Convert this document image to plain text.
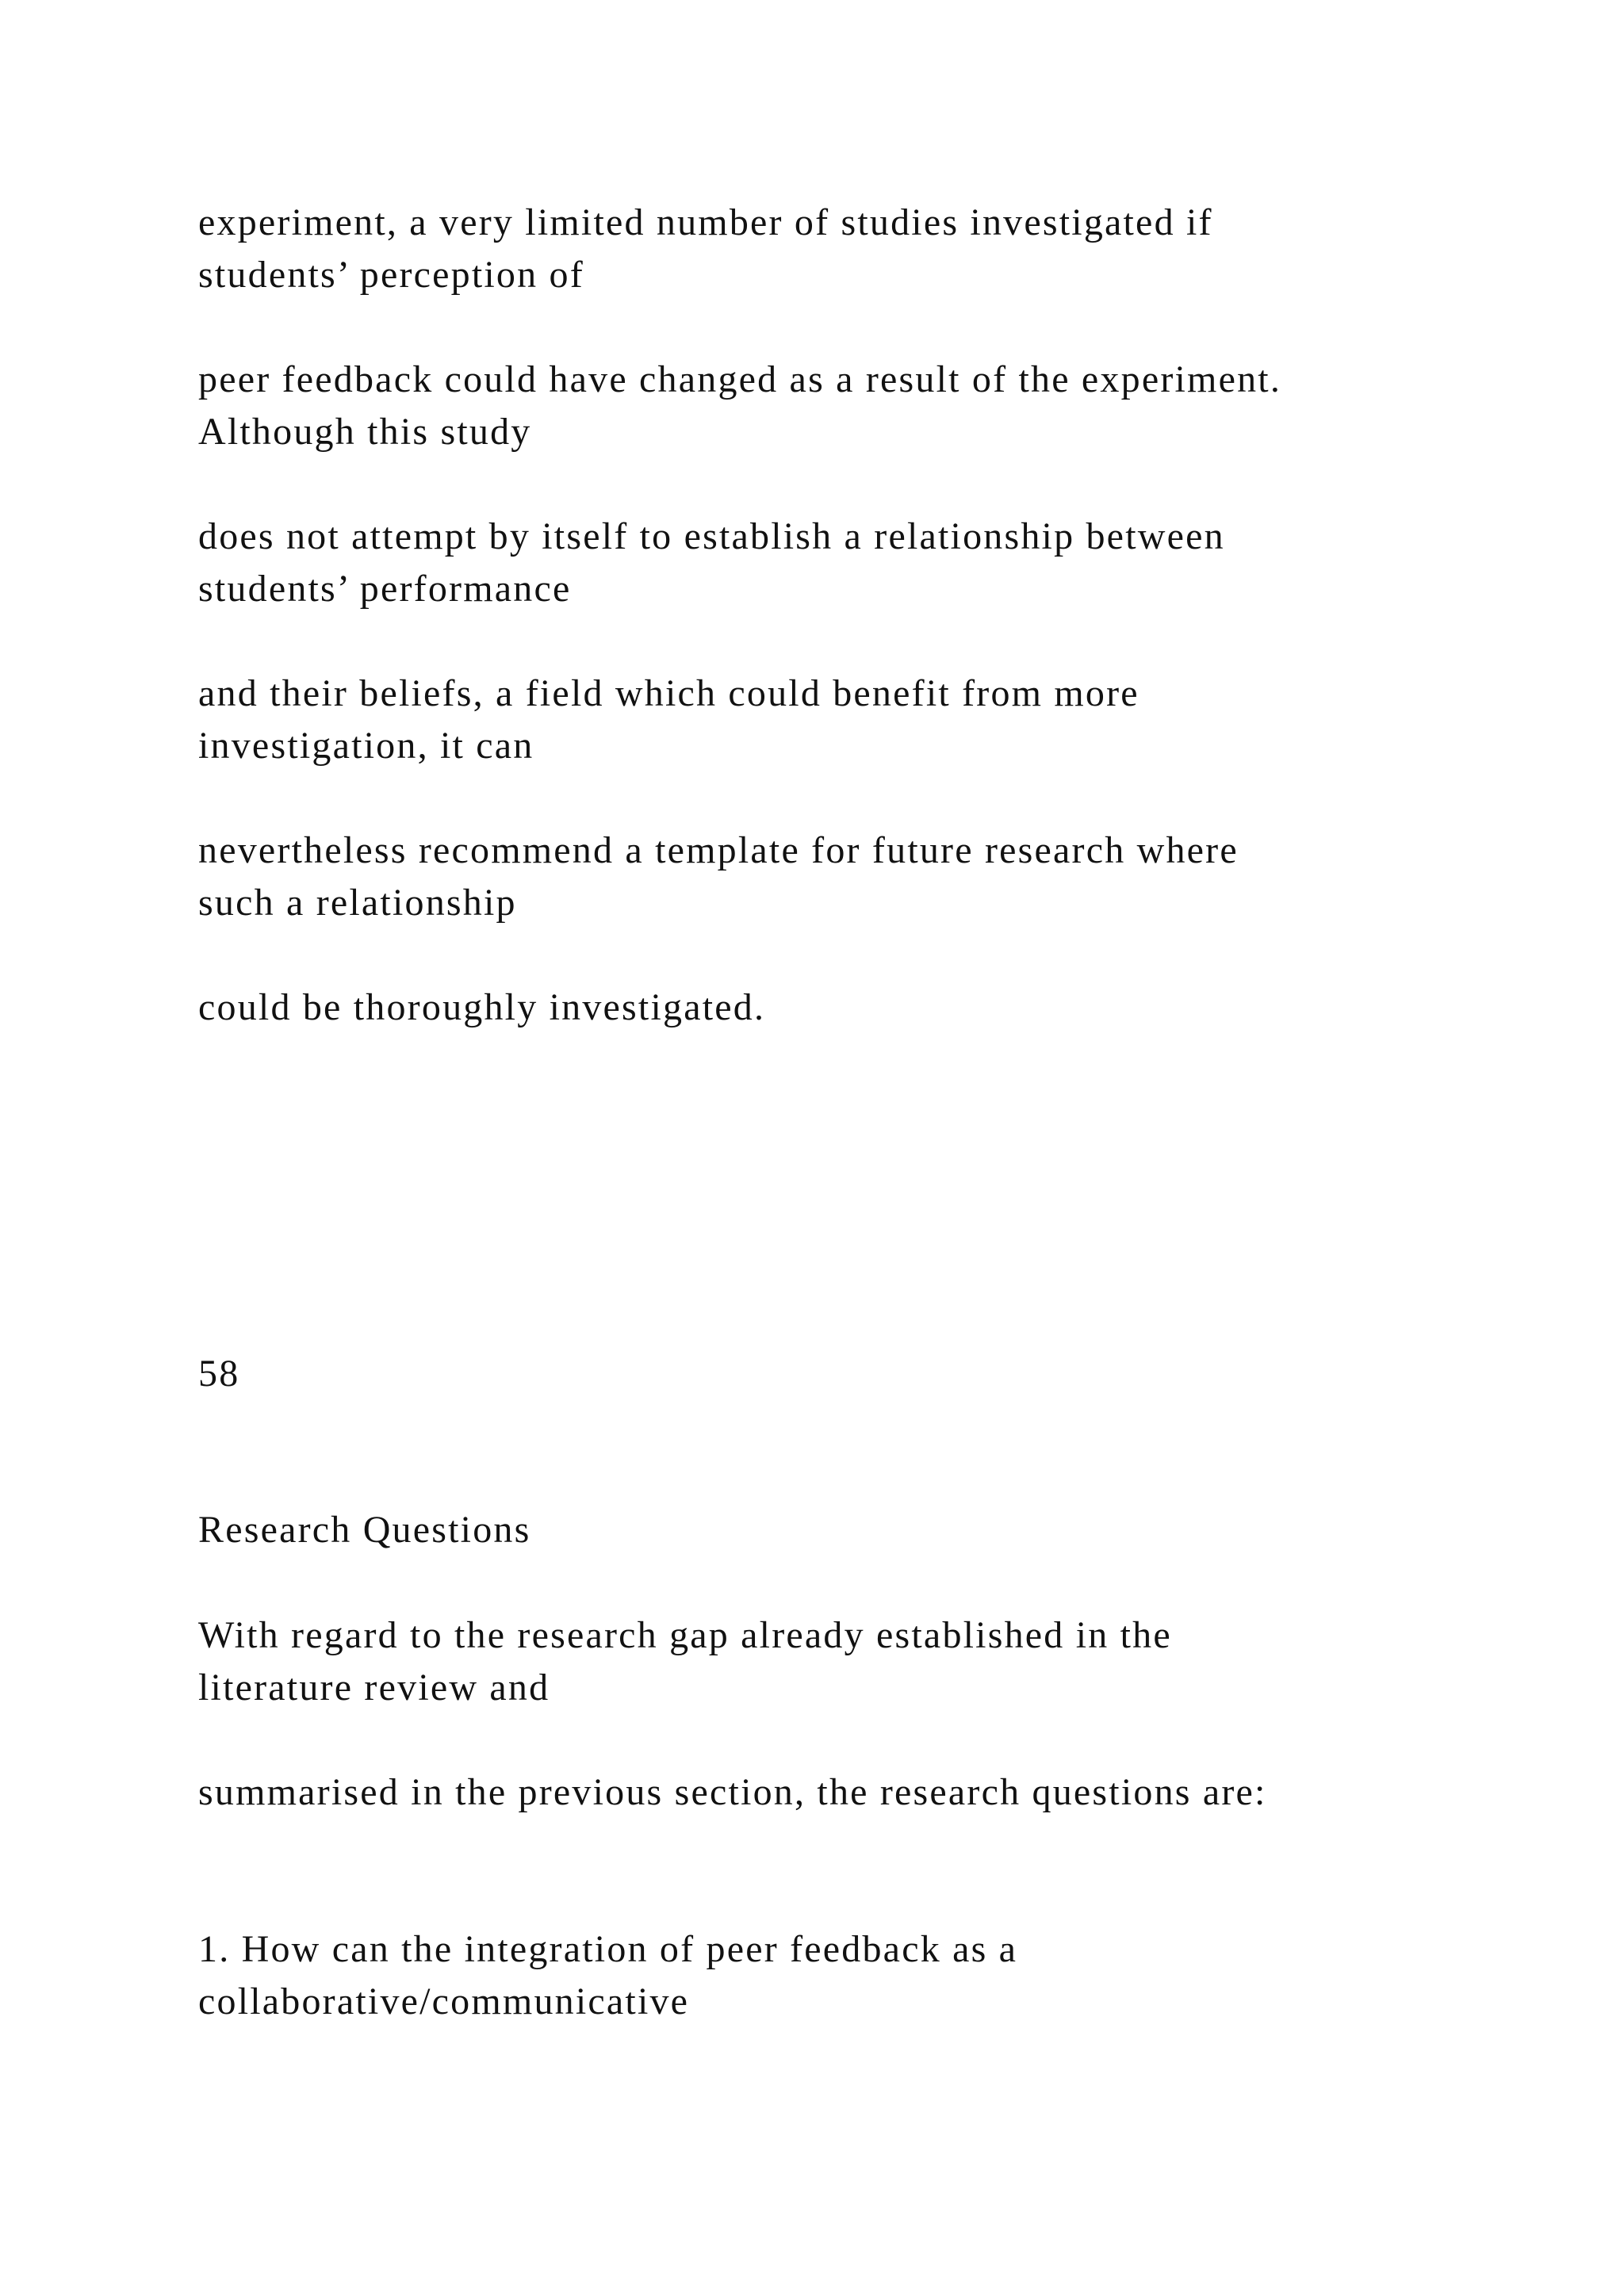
experiment, a very limited number of studies investigated if
students’ perception of

peer feedback could have changed as a result of the experiment.
Although this study

does not attempt by itself to establish a relationship between
students’ performance

and their beliefs, a field which could benefit from more
investigation, it can

nevertheless recommend a template for future research where
such a relationship

could be thoroughly investigated.

58

Research Questions

With regard to the research gap already established in the
literature review and

summarised in the previous section, the research questions are:

1. How can the integration of peer feedback as a
collaborative/communicative
